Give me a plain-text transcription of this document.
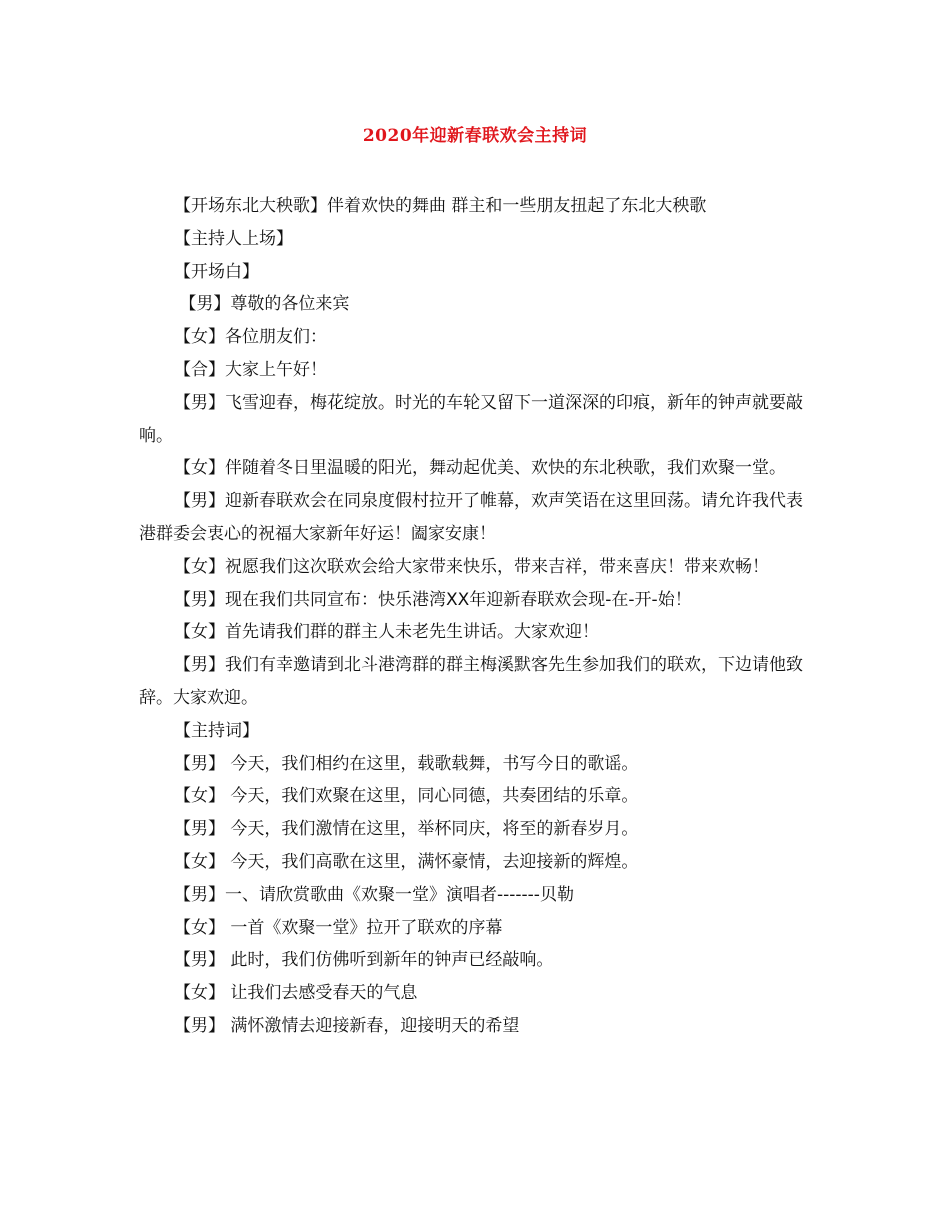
2020年迎新春联欢会主持词

【开场东北大秧歌】伴着欢快的舞曲 群主和一些朋友扭起了东北大秧歌

【主持人上场】

【开场白】

【男】尊敬的各位来宾

【女】各位朋友们：

【合】大家上午好！

【男】飞雪迎春，梅花绽放。时光的车轮又留下一道深深的印痕，新年的钟声就要敲响。

【女】伴随着冬日里温暖的阳光，舞动起优美、欢快的东北秧歌，我们欢聚一堂。

【男】迎新春联欢会在同泉度假村拉开了帷幕，欢声笑语在这里回荡。请允许我代表港群委会衷心的祝福大家新年好运！阖家安康！

【女】祝愿我们这次联欢会给大家带来快乐，带来吉祥，带来喜庆！带来欢畅！

【男】现在我们共同宣布：快乐港湾XX年迎新春联欢会现-在-开-始！

【女】首先请我们群的群主人未老先生讲话。大家欢迎！

【男】我们有幸邀请到北斗港湾群的群主梅溪默客先生参加我们的联欢，下边请他致辞。大家欢迎。

【主持词】

【男】 今天，我们相约在这里，载歌载舞，书写今日的歌谣。

【女】 今天，我们欢聚在这里，同心同德，共奏团结的乐章。

【男】 今天，我们激情在这里，举杯同庆，将至的新春岁月。

【女】 今天，我们高歌在这里，满怀豪情，去迎接新的辉煌。

【男】一、请欣赏歌曲《欢聚一堂》演唱者-------贝勒

【女】 一首《欢聚一堂》拉开了联欢的序幕

【男】 此时，我们仿佛听到新年的钟声已经敲响。

【女】 让我们去感受春天的气息

【男】 满怀激情去迎接新春，迎接明天的希望
